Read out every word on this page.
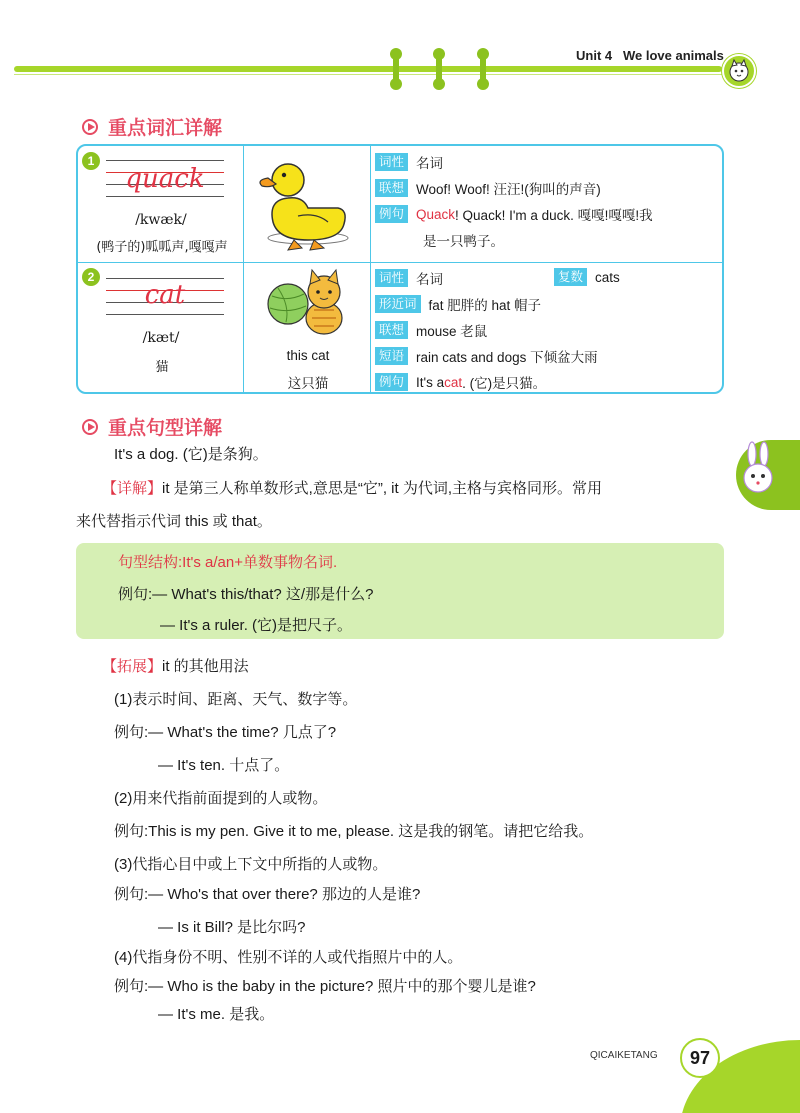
Unit 4 We love animals
重点词汇详解
1
quack
/kwæk/
(鸭子的)呱呱声,嘎嘎声
词性 名词
联想 Woof! Woof! 汪汪!(狗叫的声音)
例句 Quack ! Quack! I'm a duck. 嘎嘎!嘎嘎!我
是一只鸭子。
2
cat
/kæt/
猫
this cat
这只猫
词性 名词	复数 cats
形近词 fat 肥胖的 hat 帽子
联想 mouse 老鼠
短语 rain cats and dogs 下倾盆大雨
例句 It's a cat . (它)是只猫。
重点句型详解
It's a dog. (它)是条狗。
【详解】it 是第三人称单数形式,意思是“它”, it 为代词,主格与宾格同形。常用
来代替指示代词 this 或 that。
句型结构:It's a/an+单数事物名词.
例句:— What's this/that? 这/那是什么?
— It's a ruler. (它)是把尺子。
【拓展】it 的其他用法
(1)表示时间、距离、天气、数字等。
例句:— What's the time? 几点了?
— It's ten. 十点了。
(2)用来代指前面提到的人或物。
例句:This is my pen. Give it to me, please. 这是我的钢笔。请把它给我。
(3)代指心目中或上下文中所指的人或物。
例句:— Who's that over there? 那边的人是谁?
— Is it Bill? 是比尔吗?
(4)代指身份不明、性别不详的人或代指照片中的人。
例句:— Who is the baby in the picture? 照片中的那个婴儿是谁?
— It's me. 是我。
QICAIKETANG	97
